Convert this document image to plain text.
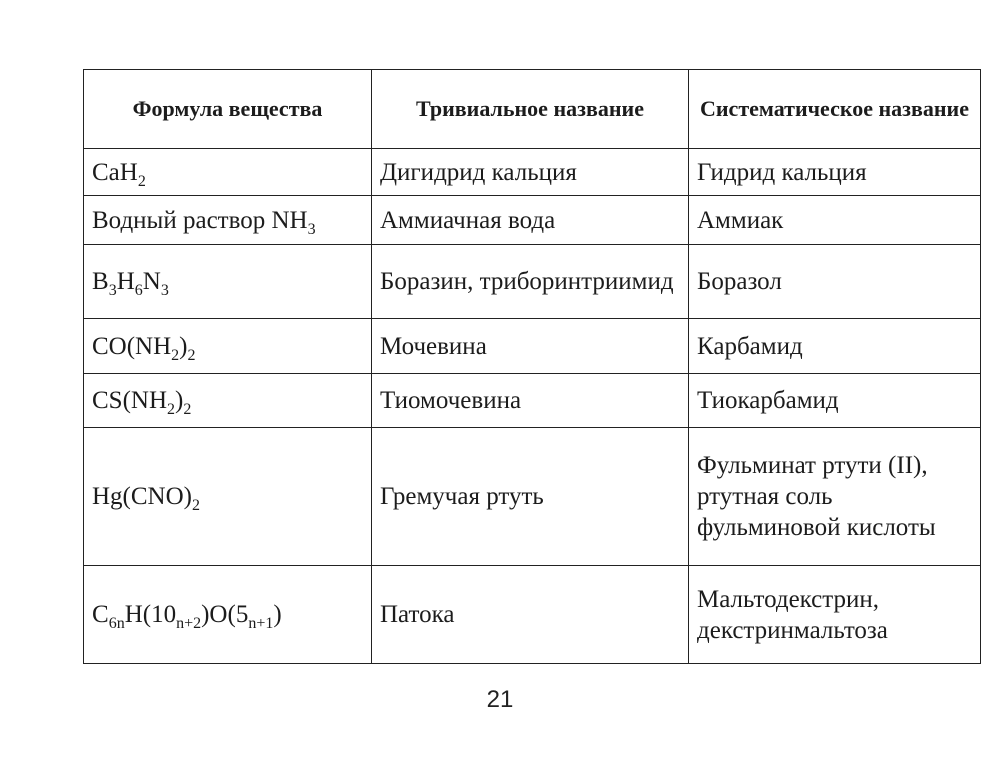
Формула вещества	Тривиальное название	Систематическое название
CaH$_2$	Дигидрид кальция	Гидрид кальция
Водный раствор $NH_3$	Аммиачная вода	Аммиак
$B_3H_6N_3$	Боразин, триборинтриимид	Боразол
$CO(NH_2)_2$	Мочевина	Карбамид
$CS(NH_2)_2$	Тиомочевина	Тиокарбамид
$Hg(CNO)_2$	Гремучая ртуть	Фульминат ртути (II), ртутная соль фульминовой кислоты
$C_{6n}H(10_{n+2})O(5_{n+1})$	Патока	Мальтодекстрин, декстринмальтоза
21
